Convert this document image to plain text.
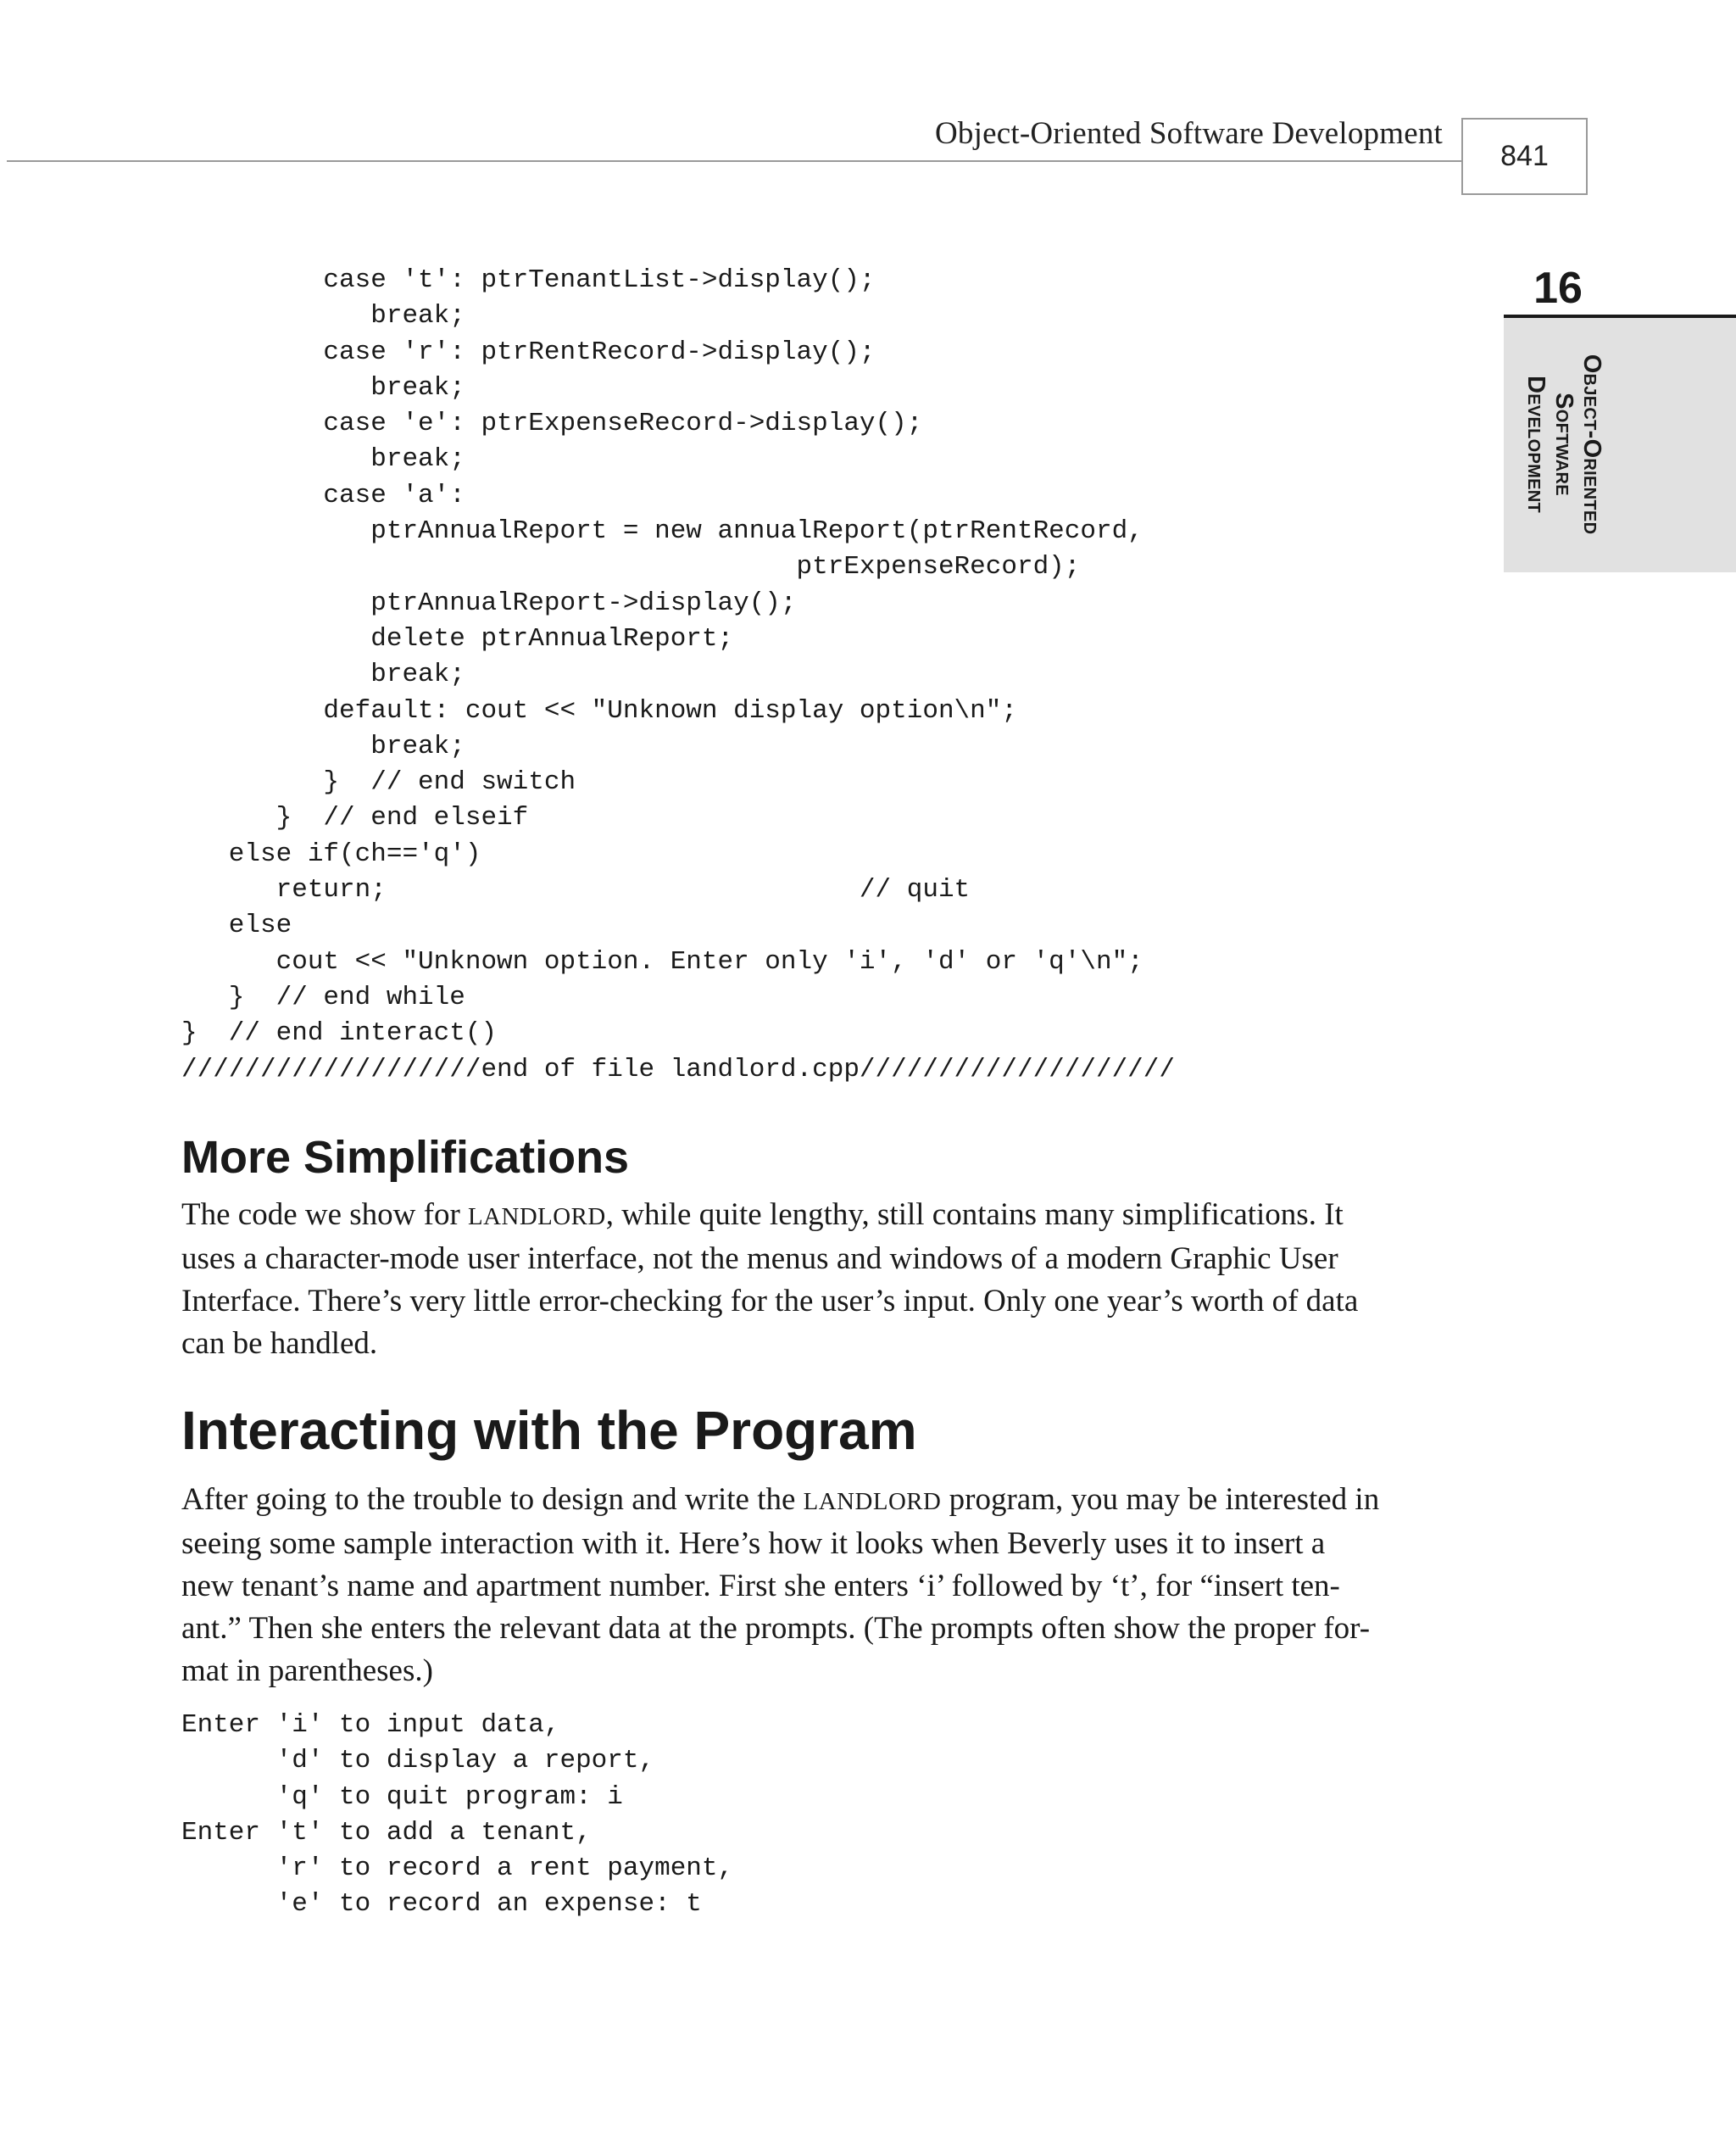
Object-Oriented Software Development
841
16
Object-Oriented
Software
Development
case 't': ptrTenantList->display();
break;
case 'r': ptrRentRecord->display();
break;
case 'e': ptrExpenseRecord->display();
break;
case 'a':
ptrAnnualReport = new annualReport(ptrRentRecord,
ptrExpenseRecord);
ptrAnnualReport->display();
delete ptrAnnualReport;
break;
default: cout << "Unknown display option\n";
break;
}  // end switch
}  // end elseif
else if(ch=='q')
return;                              // quit
else
cout << "Unknown option. Enter only 'i', 'd' or 'q'\n";
}  // end while
}  // end interact()
///////////////////end of file landlord.cpp////////////////////
More Simplifications
The code we show for LANDLORD, while quite lengthy, still contains many simplifications. It
uses a character-mode user interface, not the menus and windows of a modern Graphic User
Interface. There’s very little error-checking for the user’s input. Only one year’s worth of data
can be handled.
Interacting with the Program
After going to the trouble to design and write the LANDLORD program, you may be interested in
seeing some sample interaction with it. Here’s how it looks when Beverly uses it to insert a
new tenant’s name and apartment number. First she enters ‘i’ followed by ‘t’, for “insert ten-
ant.” Then she enters the relevant data at the prompts. (The prompts often show the proper for-
mat in parentheses.)
Enter 'i' to input data,
'd' to display a report,
'q' to quit program: i
Enter 't' to add a tenant,
'r' to record a rent payment,
'e' to record an expense: t
